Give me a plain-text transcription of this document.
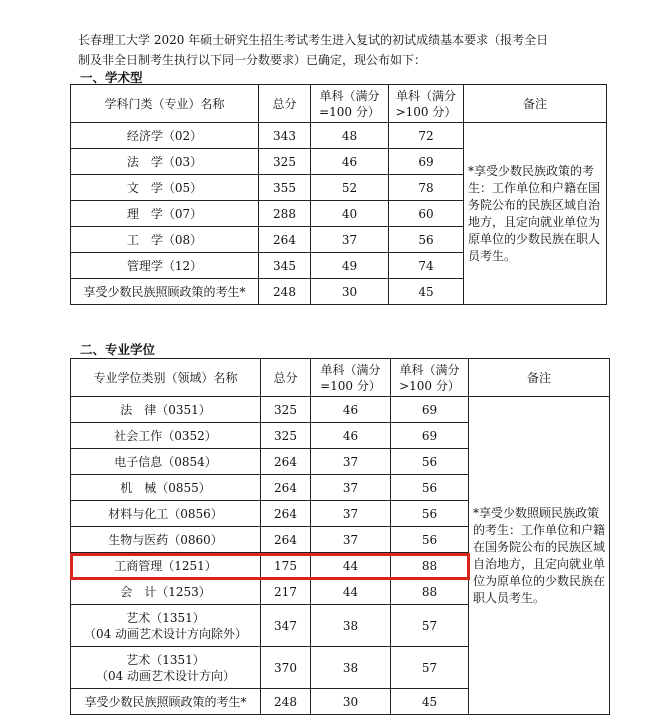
长春理工大学 2020 年硕士研究生招生考试考生进入复试的初试成绩基本要求（报考全日
制及非全日制考生执行以下同一分数要求）已确定，现公布如下：
一、学术型
学科门类（专业）名称	总分	单科（满分=100 分）	单科（满分>100 分）	备注
经济学（02）	343	48	72	*享受少数民族政策的考生：工作单位和户籍在国务院公布的民族区域自治地方，且定向就业单位为原单位的少数民族在职人员考生。
法　学（03）	325	46	69	
文　学（05）	355	52	78	
理　学（07）	288	40	60	
工　学（08）	264	37	56	
管理学（12）	345	49	74	
享受少数民族照顾政策的考生*	248	30	45	
二、专业学位
专业学位类别（领域）名称	总分	单科（满分=100 分）	单科（满分>100 分）	备注
法　律（0351）	325	46	69	*享受少数照顾民族政策的考生：工作单位和户籍在国务院公布的民族区域自治地方，且定向就业单位为原单位的少数民族在职人员考生。
社会工作（0352）	325	46	69	
电子信息（0854）	264	37	56	
机　械（0855）	264	37	56	
材料与化工（0856）	264	37	56	
生物与医药（0860）	264	37	56	
工商管理（1251）	175	44	88	
会　计（1253）	217	44	88	

艺术（1351）
（04 动画艺术设计方向除外）	347	38	57	

艺术（1351）
（04 动画艺术设计方向）	370	38	57	
享受少数民族照顾政策的考生*	248	30	45	
